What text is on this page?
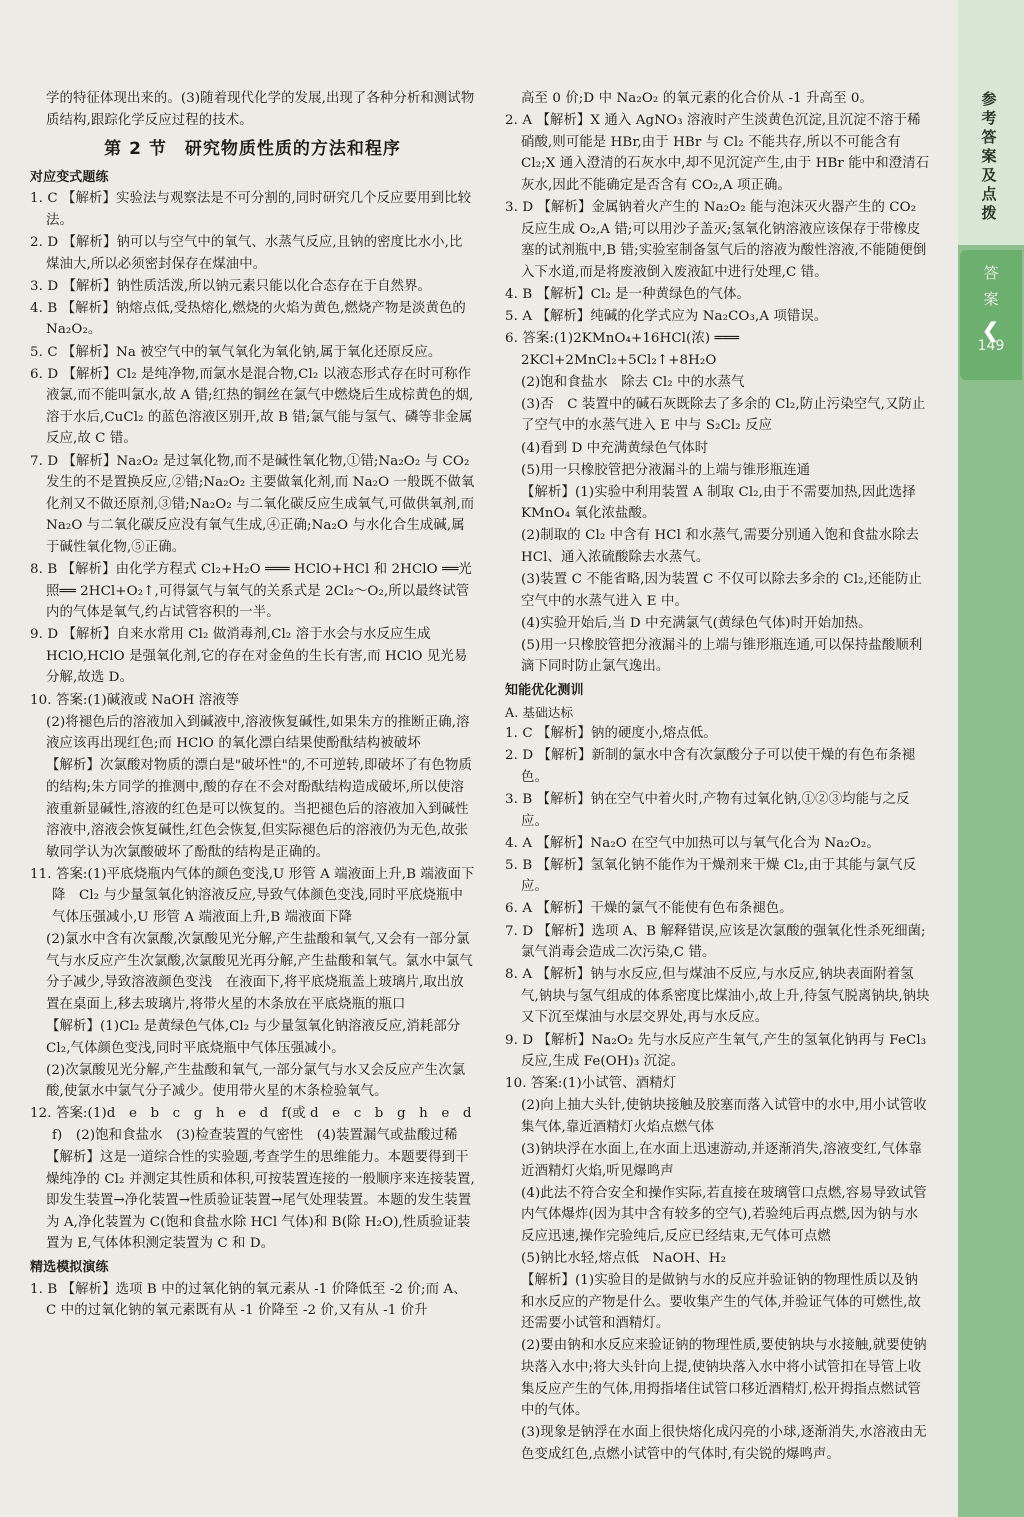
学的特征体现出来的。(3)随着现代化学的发展,出现了各种分析和测试物质结构,跟踪化学反应过程的技术。
第 2 节　研究物质性质的方法和程序
对应变式题练
1. C 【解析】实验法与观察法是不可分割的,同时研究几个反应要用到比较法。
2. D 【解析】钠可以与空气中的氧气、水蒸气反应,且钠的密度比水小,比煤油大,所以必须密封保存在煤油中。
3. D 【解析】钠性质活泼,所以钠元素只能以化合态存在于自然界。
4. B 【解析】钠熔点低,受热熔化,燃烧的火焰为黄色,燃烧产物是淡黄色的 Na₂O₂。
5. C 【解析】Na 被空气中的氧气氧化为氧化钠,属于氧化还原反应。
6. D 【解析】Cl₂ 是纯净物,而氯水是混合物,Cl₂ 以液态形式存在时可称作液氯,而不能叫氯水,故 A 错;红热的铜丝在氯气中燃烧后生成棕黄色的烟,溶于水后,CuCl₂ 的蓝色溶液区别开,故 B 错;氯气能与氢气、磷等非金属反应,故 C 错。
7. D 【解析】Na₂O₂ 是过氧化物,而不是碱性氧化物,①错;Na₂O₂ 与 CO₂ 发生的不是置换反应,②错;Na₂O₂ 主要做氧化剂,而 Na₂O 一般既不做氧化剂又不做还原剂,③错;Na₂O₂ 与二氧化碳反应生成氧气,可做供氧剂,而 Na₂O 与二氧化碳反应没有氧气生成,④正确;Na₂O 与水化合生成碱,属于碱性氧化物,⑤正确。
8. B 【解析】由化学方程式 Cl₂+H₂O ═══ HClO+HCl 和 2HClO ══光照══ 2HCl+O₂↑,可得氯气与氧气的关系式是 2Cl₂～O₂,所以最终试管内的气体是氧气,约占试管容积的一半。
9. D 【解析】自来水常用 Cl₂ 做消毒剂,Cl₂ 溶于水会与水反应生成 HClO,HClO 是强氧化剂,它的存在对金鱼的生长有害,而 HClO 见光易分解,故选 D。
10. 答案:(1)碱液或 NaOH 溶液等
(2)将褪色后的溶液加入到碱液中,溶液恢复碱性,如果朱方的推断正确,溶液应该再出现红色;而 HClO 的氧化漂白结果使酚酞结构被破坏
【解析】次氯酸对物质的漂白是"破坏性"的,不可逆转,即破坏了有色物质的结构;朱方同学的推测中,酸的存在不会对酚酞结构造成破坏,所以使溶液重新显碱性,溶液的红色是可以恢复的。当把褪色后的溶液加入到碱性溶液中,溶液会恢复碱性,红色会恢复,但实际褪色后的溶液仍为无色,故张敏同学认为次氯酸破坏了酚酞的结构是正确的。
11. 答案:(1)平底烧瓶内气体的颜色变浅,U 形管 A 端液面上升,B 端液面下降　Cl₂ 与少量氢氧化钠溶液反应,导致气体颜色变浅,同时平底烧瓶中气体压强减小,U 形管 A 端液面上升,B 端液面下降
(2)氯水中含有次氯酸,次氯酸见光分解,产生盐酸和氧气,又会有一部分氯气与水反应产生次氯酸,次氯酸见光再分解,产生盐酸和氧气。氯水中氯气分子减少,导致溶液颜色变浅　在液面下,将平底烧瓶盖上玻璃片,取出放置在桌面上,移去玻璃片,将带火星的木条放在平底烧瓶的瓶口
【解析】(1)Cl₂ 是黄绿色气体,Cl₂ 与少量氢氧化钠溶液反应,消耗部分 Cl₂,气体颜色变浅,同时平底烧瓶中气体压强减小。
(2)次氯酸见光分解,产生盐酸和氧气,一部分氯气与水又会反应产生次氯酸,使氯水中氯气分子减少。使用带火星的木条检验氧气。
12. 答案:(1)d　e　b　c　g　h　e　d　f(或 d　e　c　b　g　h　e　d　f)　(2)饱和食盐水　(3)检查装置的气密性　(4)装置漏气或盐酸过稀
【解析】这是一道综合性的实验题,考查学生的思维能力。本题要得到干燥纯净的 Cl₂ 并测定其性质和体积,可按装置连接的一般顺序来连接装置,即发生装置→净化装置→性质验证装置→尾气处理装置。本题的发生装置为 A,净化装置为 C(饱和食盐水除 HCl 气体)和 B(除 H₂O),性质验证装置为 E,气体体积测定装置为 C 和 D。
精选模拟演练
1. B 【解析】选项 B 中的过氧化钠的氧元素从 -1 价降低至 -2 价;而 A、C 中的过氧化钠的氧元素既有从 -1 价降至 -2 价,又有从 -1 价升
高至 0 价;D 中 Na₂O₂ 的氧元素的化合价从 -1 升高至 0。
2. A 【解析】X 通入 AgNO₃ 溶液时产生淡黄色沉淀,且沉淀不溶于稀硝酸,则可能是 HBr,由于 HBr 与 Cl₂ 不能共存,所以不可能含有 Cl₂;X 通入澄清的石灰水中,却不见沉淀产生,由于 HBr 能中和澄清石灰水,因此不能确定是否含有 CO₂,A 项正确。
3. D 【解析】金属钠着火产生的 Na₂O₂ 能与泡沫灭火器产生的 CO₂ 反应生成 O₂,A 错;可以用沙子盖灭;氢氧化钠溶液应该保存于带橡皮塞的试剂瓶中,B 错;实验室制备氢气后的溶液为酸性溶液,不能随便倒入下水道,而是将废液倒入废液缸中进行处理,C 错。
4. B 【解析】Cl₂ 是一种黄绿色的气体。
5. A 【解析】纯碱的化学式应为 Na₂CO₃,A 项错误。
6. 答案:(1)2KMnO₄+16HCl(浓) ═══ 2KCl+2MnCl₂+5Cl₂↑+8H₂O
(2)饱和食盐水　除去 Cl₂ 中的水蒸气
(3)否　C 装置中的碱石灰既除去了多余的 Cl₂,防止污染空气,又防止了空气中的水蒸气进入 E 中与 S₂Cl₂ 反应
(4)看到 D 中充满黄绿色气体时
(5)用一只橡胶管把分液漏斗的上端与锥形瓶连通
【解析】(1)实验中利用装置 A 制取 Cl₂,由于不需要加热,因此选择 KMnO₄ 氧化浓盐酸。
(2)制取的 Cl₂ 中含有 HCl 和水蒸气,需要分别通入饱和食盐水除去 HCl、通入浓硫酸除去水蒸气。
(3)装置 C 不能省略,因为装置 C 不仅可以除去多余的 Cl₂,还能防止空气中的水蒸气进入 E 中。
(4)实验开始后,当 D 中充满氯气(黄绿色气体)时开始加热。
(5)用一只橡胶管把分液漏斗的上端与锥形瓶连通,可以保持盐酸顺利滴下同时防止氯气逸出。
知能优化测训
A. 基础达标
1. C 【解析】钠的硬度小,熔点低。
2. D 【解析】新制的氯水中含有次氯酸分子可以使干燥的有色布条褪色。
3. B 【解析】钠在空气中着火时,产物有过氧化钠,①②③均能与之反应。
4. A 【解析】Na₂O 在空气中加热可以与氧气化合为 Na₂O₂。
5. B 【解析】氢氧化钠不能作为干燥剂来干燥 Cl₂,由于其能与氯气反应。
6. A 【解析】干燥的氯气不能使有色布条褪色。
7. D 【解析】选项 A、B 解释错误,应该是次氯酸的强氧化性杀死细菌;氯气消毒会造成二次污染,C 错。
8. A 【解析】钠与水反应,但与煤油不反应,与水反应,钠块表面附着氢气,钠块与氢气组成的体系密度比煤油小,故上升,待氢气脱离钠块,钠块又下沉至煤油与水层交界处,再与水反应。
9. D 【解析】Na₂O₂ 先与水反应产生氧气,产生的氢氧化钠再与 FeCl₃ 反应,生成 Fe(OH)₃ 沉淀。
10. 答案:(1)小试管、酒精灯
(2)向上抽大头针,使钠块接触及胶塞而落入试管中的水中,用小试管收集气体,靠近酒精灯火焰点燃气体
(3)钠块浮在水面上,在水面上迅速游动,并逐渐消失,溶液变红,气体靠近酒精灯火焰,听见爆鸣声
(4)此法不符合安全和操作实际,若直接在玻璃管口点燃,容易导致试管内气体爆炸(因为其中含有较多的空气),若验纯后再点燃,因为钠与水反应迅速,操作完验纯后,反应已经结束,无气体可点燃
(5)钠比水轻,熔点低　NaOH、H₂
【解析】(1)实验目的是做钠与水的反应并验证钠的物理性质以及钠和水反应的产物是什么。要收集产生的气体,并验证气体的可燃性,故还需要小试管和酒精灯。
(2)要由钠和水反应来验证钠的物理性质,要使钠块与水接触,就要使钠块落入水中;将大头针向上提,使钠块落入水中将小试管扣在导管上收集反应产生的气体,用拇指堵住试管口移近酒精灯,松开拇指点燃试管中的气体。
(3)现象是钠浮在水面上很快熔化成闪亮的小球,逐渐消失,水溶液由无色变成红色,点燃小试管中的气体时,有尖锐的爆鸣声。
参考答案及点拨
答 案
❮
149
